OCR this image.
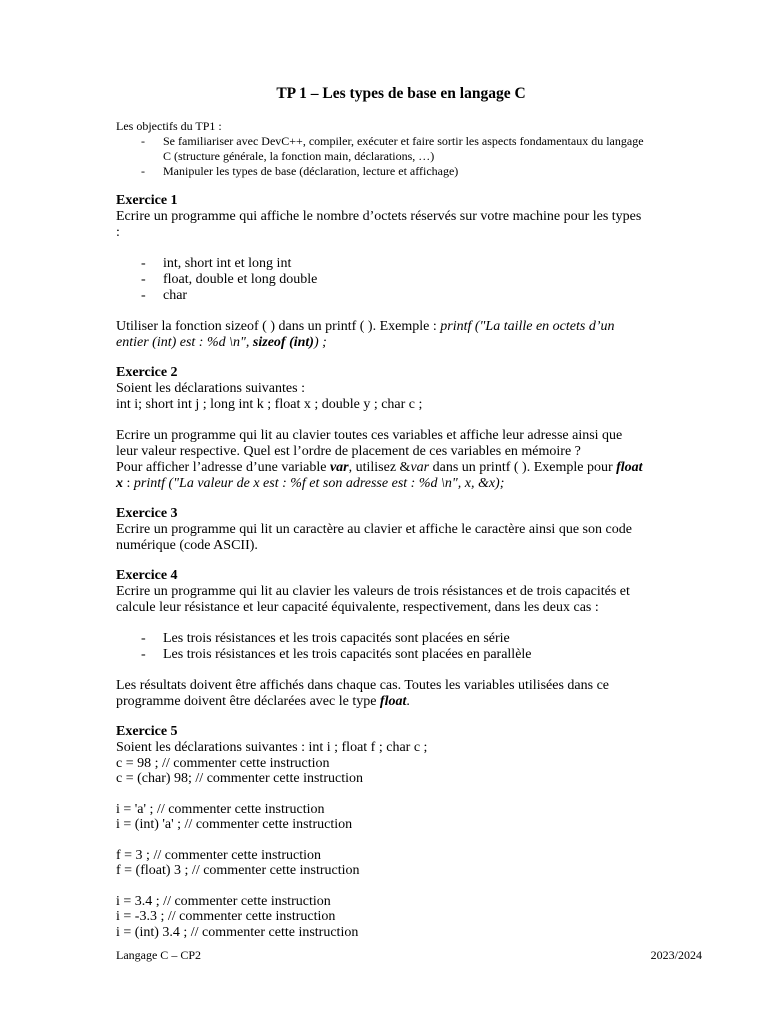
TP 1 – Les types de base en langage C

Les objectifs du TP1 :

- Se familiariser avec DevC++, compiler, exécuter et faire sortir les aspects fondamentaux du langage C (structure générale, la fonction main, déclarations, …)
- Manipuler les types de base (déclaration, lecture et affichage)
Exercice 1

Ecrire un programme qui affiche le nombre d’octets réservés sur votre machine pour les types :

- int, short int et long int
- float, double et long double
- char

Utiliser la fonction sizeof ( ) dans un printf ( ). Exemple : printf ("La taille en octets d’un entier (int) est : %d \n", sizeof (int)) ;

Exercice 2

Soient les déclarations suivantes :

int i; short int j ; long int k ; float x ; double y ; char c ;

Ecrire un programme qui lit au clavier toutes ces variables et affiche leur adresse ainsi que leur valeur respective. Quel est l’ordre de placement de ces variables en mémoire ?

Pour afficher l’adresse d’une variable var, utilisez &var dans un printf ( ). Exemple pour float x : printf ("La valeur de x est : %f et son adresse est : %d \n", x, &x);

Exercice 3

Ecrire un programme qui lit un caractère au clavier et affiche le caractère ainsi que son code numérique (code ASCII).

Exercice 4

Ecrire un programme qui lit au clavier les valeurs de trois résistances et de trois capacités et calcule leur résistance et leur capacité équivalente, respectivement, dans les deux cas :

- Les trois résistances et les trois capacités sont placées en série
- Les trois résistances et les trois capacités sont placées en parallèle

Les résultats doivent être affichés dans chaque cas. Toutes les variables utilisées dans ce programme doivent être déclarées avec le type float.

Exercice 5

Soient les déclarations suivantes : int i ; float f ; char c ;

c = 98 ; // commenter cette instruction

c = (char) 98; // commenter cette instruction

i = 'a' ; // commenter cette instruction

i = (int) 'a' ; // commenter cette instruction

f = 3 ; // commenter cette instruction

f = (float) 3 ; // commenter cette instruction

i = 3.4 ; // commenter cette instruction

i = -3.3 ; // commenter cette instruction

i = (int) 3.4 ; // commenter cette instruction

Langage C – CP2	2023/2024
